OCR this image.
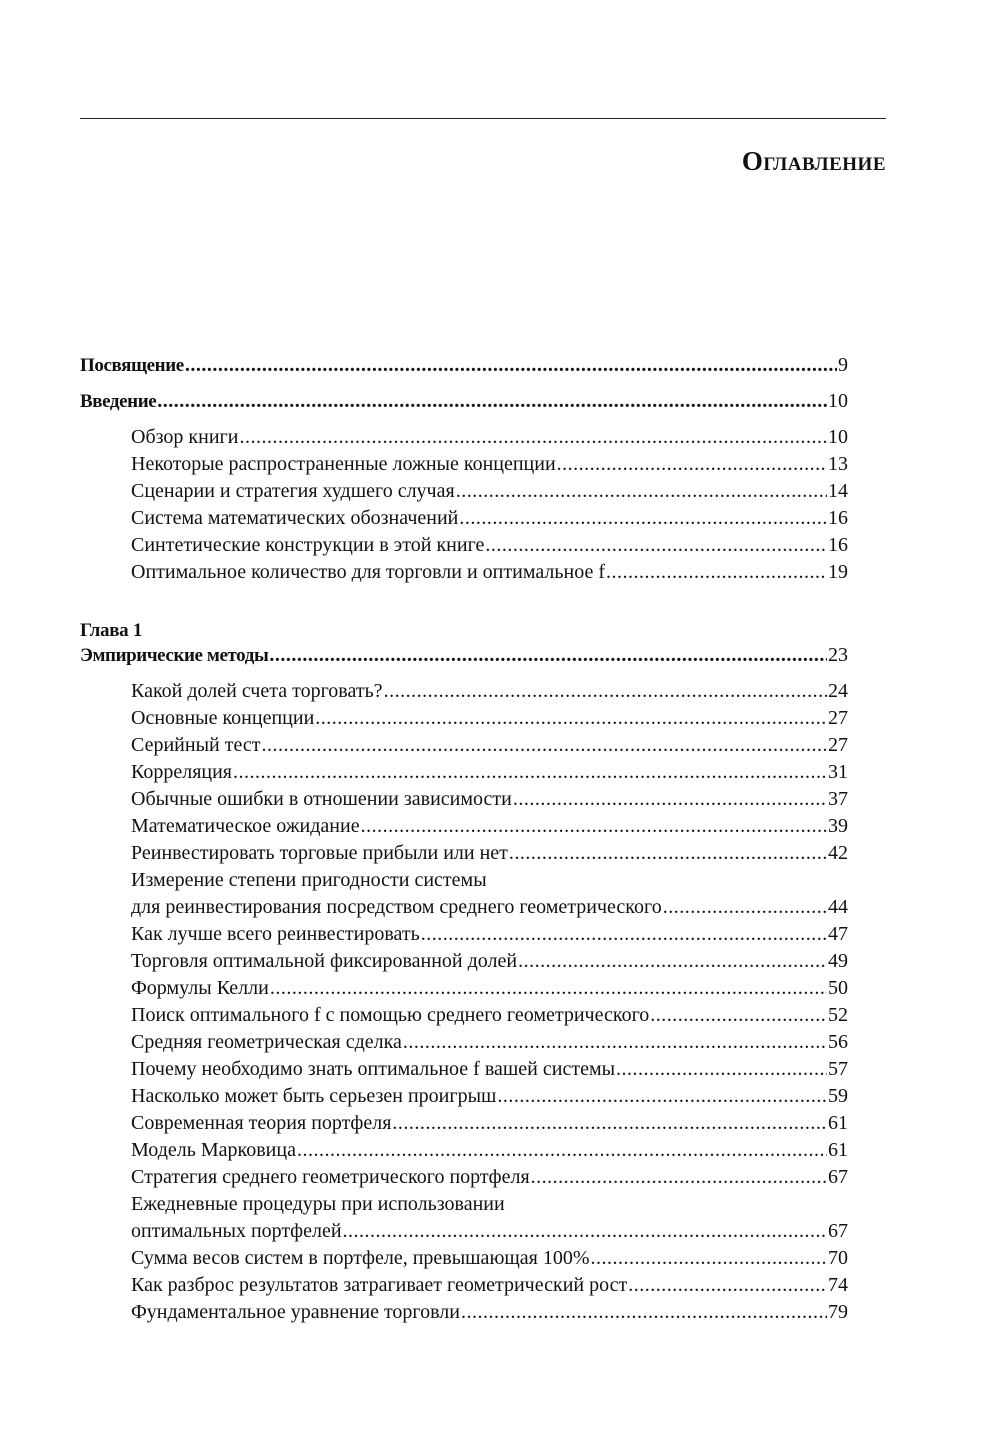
Оглавление
Посвящение .....	9
Введение .....	10
Обзор книги .....	10
Некоторые распространенные ложные концепции .....	13
Сценарии и стратегия худшего случая .....	14
Система математических обозначений .....	16
Синтетические конструкции в этой книге .....	16
Оптимальное количество для торговли и оптимальное f .....	19
Глава 1
Эмпирические методы .....	23
Какой долей счета торговать? .....	24
Основные концепции .....	27
Серийный тест .....	27
Корреляция .....	31
Обычные ошибки в отношении зависимости .....	37
Математическое ожидание .....	39
Реинвестировать торговые прибыли или нет .....	42
Измерение степени пригодности системы
для реинвестирования посредством среднего геометрического .....	44
Как лучше всего реинвестировать .....	47
Торговля оптимальной фиксированной долей .....	49
Формулы Келли .....	50
Поиск оптимального f с помощью среднего геометрического .....	52
Средняя геометрическая сделка .....	56
Почему необходимо знать оптимальное f вашей системы .....	57
Насколько может быть серьезен проигрыш .....	59
Современная теория портфеля .....	61
Модель Марковица .....	61
Стратегия среднего геометрического портфеля .....	67
Ежедневные процедуры при использовании
оптимальных портфелей .....	67
Сумма весов систем в портфеле, превышающая 100% .....	70
Как разброс результатов затрагивает геометрический рост .....	74
Фундаментальное уравнение торговли .....	79
